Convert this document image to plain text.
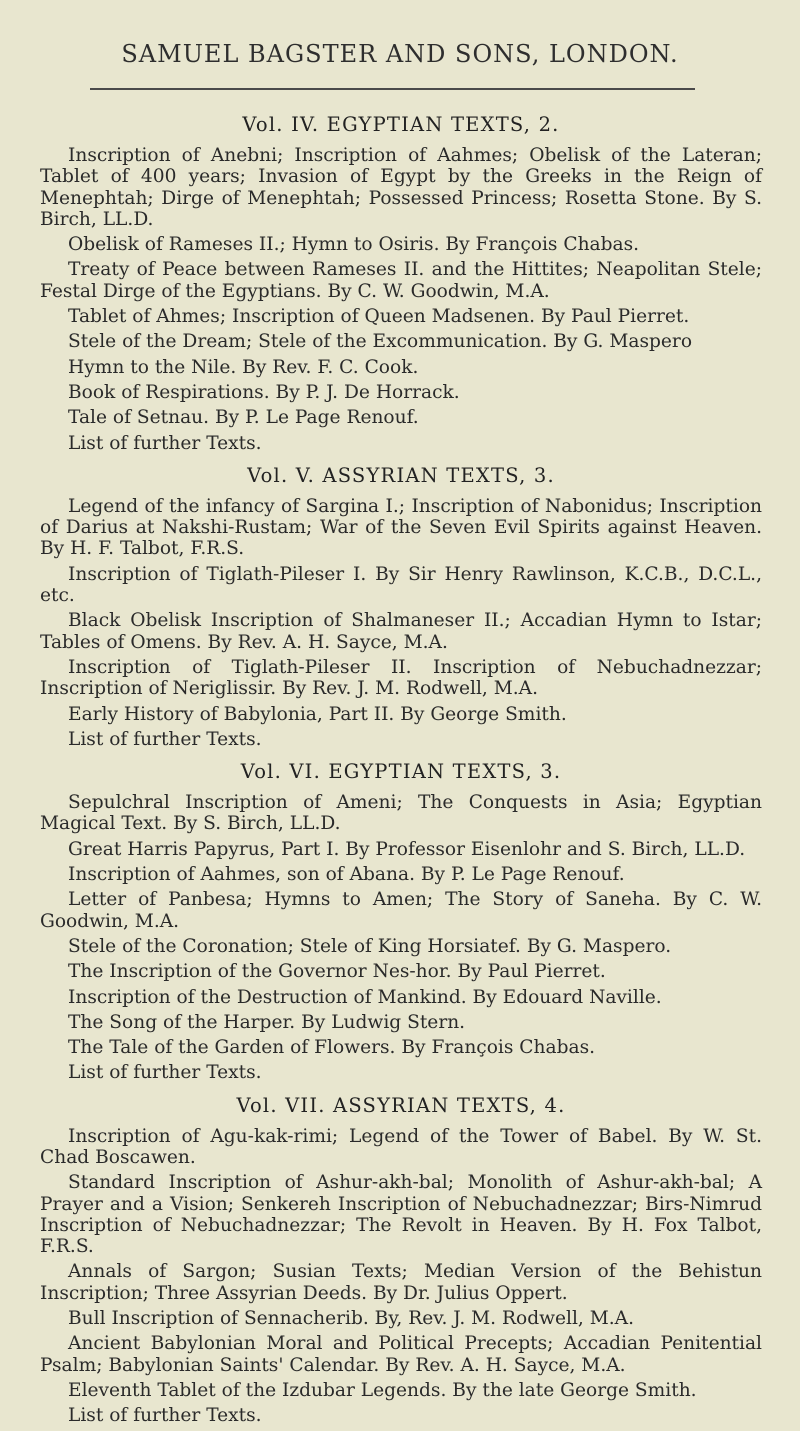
SAMUEL BAGSTER AND SONS, LONDON.
Vol. IV. EGYPTIAN TEXTS, 2.

Inscription of Anebni; Inscription of Aahmes; Obelisk of the Lateran; Tablet of 400 years; Invasion of Egypt by the Greeks in the Reign of Menephtah; Dirge of Menephtah; Possessed Princess; Rosetta Stone. By S. Birch, LL.D.

Obelisk of Rameses II.; Hymn to Osiris. By François Chabas.

Treaty of Peace between Rameses II. and the Hittites; Neapolitan Stele; Festal Dirge of the Egyptians. By C. W. Goodwin, M.A.

Tablet of Ahmes; Inscription of Queen Madsenen. By Paul Pierret.

Stele of the Dream; Stele of the Excommunication. By G. Maspero

Hymn to the Nile. By Rev. F. C. Cook.

Book of Respirations. By P. J. De Horrack.

Tale of Setnau. By P. Le Page Renouf.

List of further Texts.

Vol. V. ASSYRIAN TEXTS, 3.

Legend of the infancy of Sargina I.; Inscription of Nabonidus; Inscription of Darius at Nakshi-Rustam; War of the Seven Evil Spirits against Heaven. By H. F. Talbot, F.R.S.

Inscription of Tiglath-Pileser I. By Sir Henry Rawlinson, K.C.B., D.C.L., etc.

Black Obelisk Inscription of Shalmaneser II.; Accadian Hymn to Istar; Tables of Omens. By Rev. A. H. Sayce, M.A.

Inscription of Tiglath-Pileser II. Inscription of Nebuchadnezzar; Inscription of Neriglissir. By Rev. J. M. Rodwell, M.A.

Early History of Babylonia, Part II. By George Smith.

List of further Texts.

Vol. VI. EGYPTIAN TEXTS, 3.

Sepulchral Inscription of Ameni; The Conquests in Asia; Egyptian Magical Text. By S. Birch, LL.D.

Great Harris Papyrus, Part I. By Professor Eisenlohr and S. Birch, LL.D.

Inscription of Aahmes, son of Abana. By P. Le Page Renouf.

Letter of Panbesa; Hymns to Amen; The Story of Saneha. By C. W. Goodwin, M.A.

Stele of the Coronation; Stele of King Horsiatef. By G. Maspero.

The Inscription of the Governor Nes-hor. By Paul Pierret.

Inscription of the Destruction of Mankind. By Edouard Naville.

The Song of the Harper. By Ludwig Stern.

The Tale of the Garden of Flowers. By François Chabas.

List of further Texts.

Vol. VII. ASSYRIAN TEXTS, 4.

Inscription of Agu-kak-rimi; Legend of the Tower of Babel. By W. St. Chad Boscawen.

Standard Inscription of Ashur-akh-bal; Monolith of Ashur-akh-bal; A Prayer and a Vision; Senkereh Inscription of Nebuchadnezzar; Birs-Nimrud Inscription of Nebuchadnezzar; The Revolt in Heaven. By H. Fox Talbot, F.R.S.

Annals of Sargon; Susian Texts; Median Version of the Behistun Inscription; Three Assyrian Deeds. By Dr. Julius Oppert.

Bull Inscription of Sennacherib. By, Rev. J. M. Rodwell, M.A.

Ancient Babylonian Moral and Political Precepts; Accadian Penitential Psalm; Babylonian Saints' Calendar. By Rev. A. H. Sayce, M.A.

Eleventh Tablet of the Izdubar Legends. By the late George Smith.

List of further Texts.
